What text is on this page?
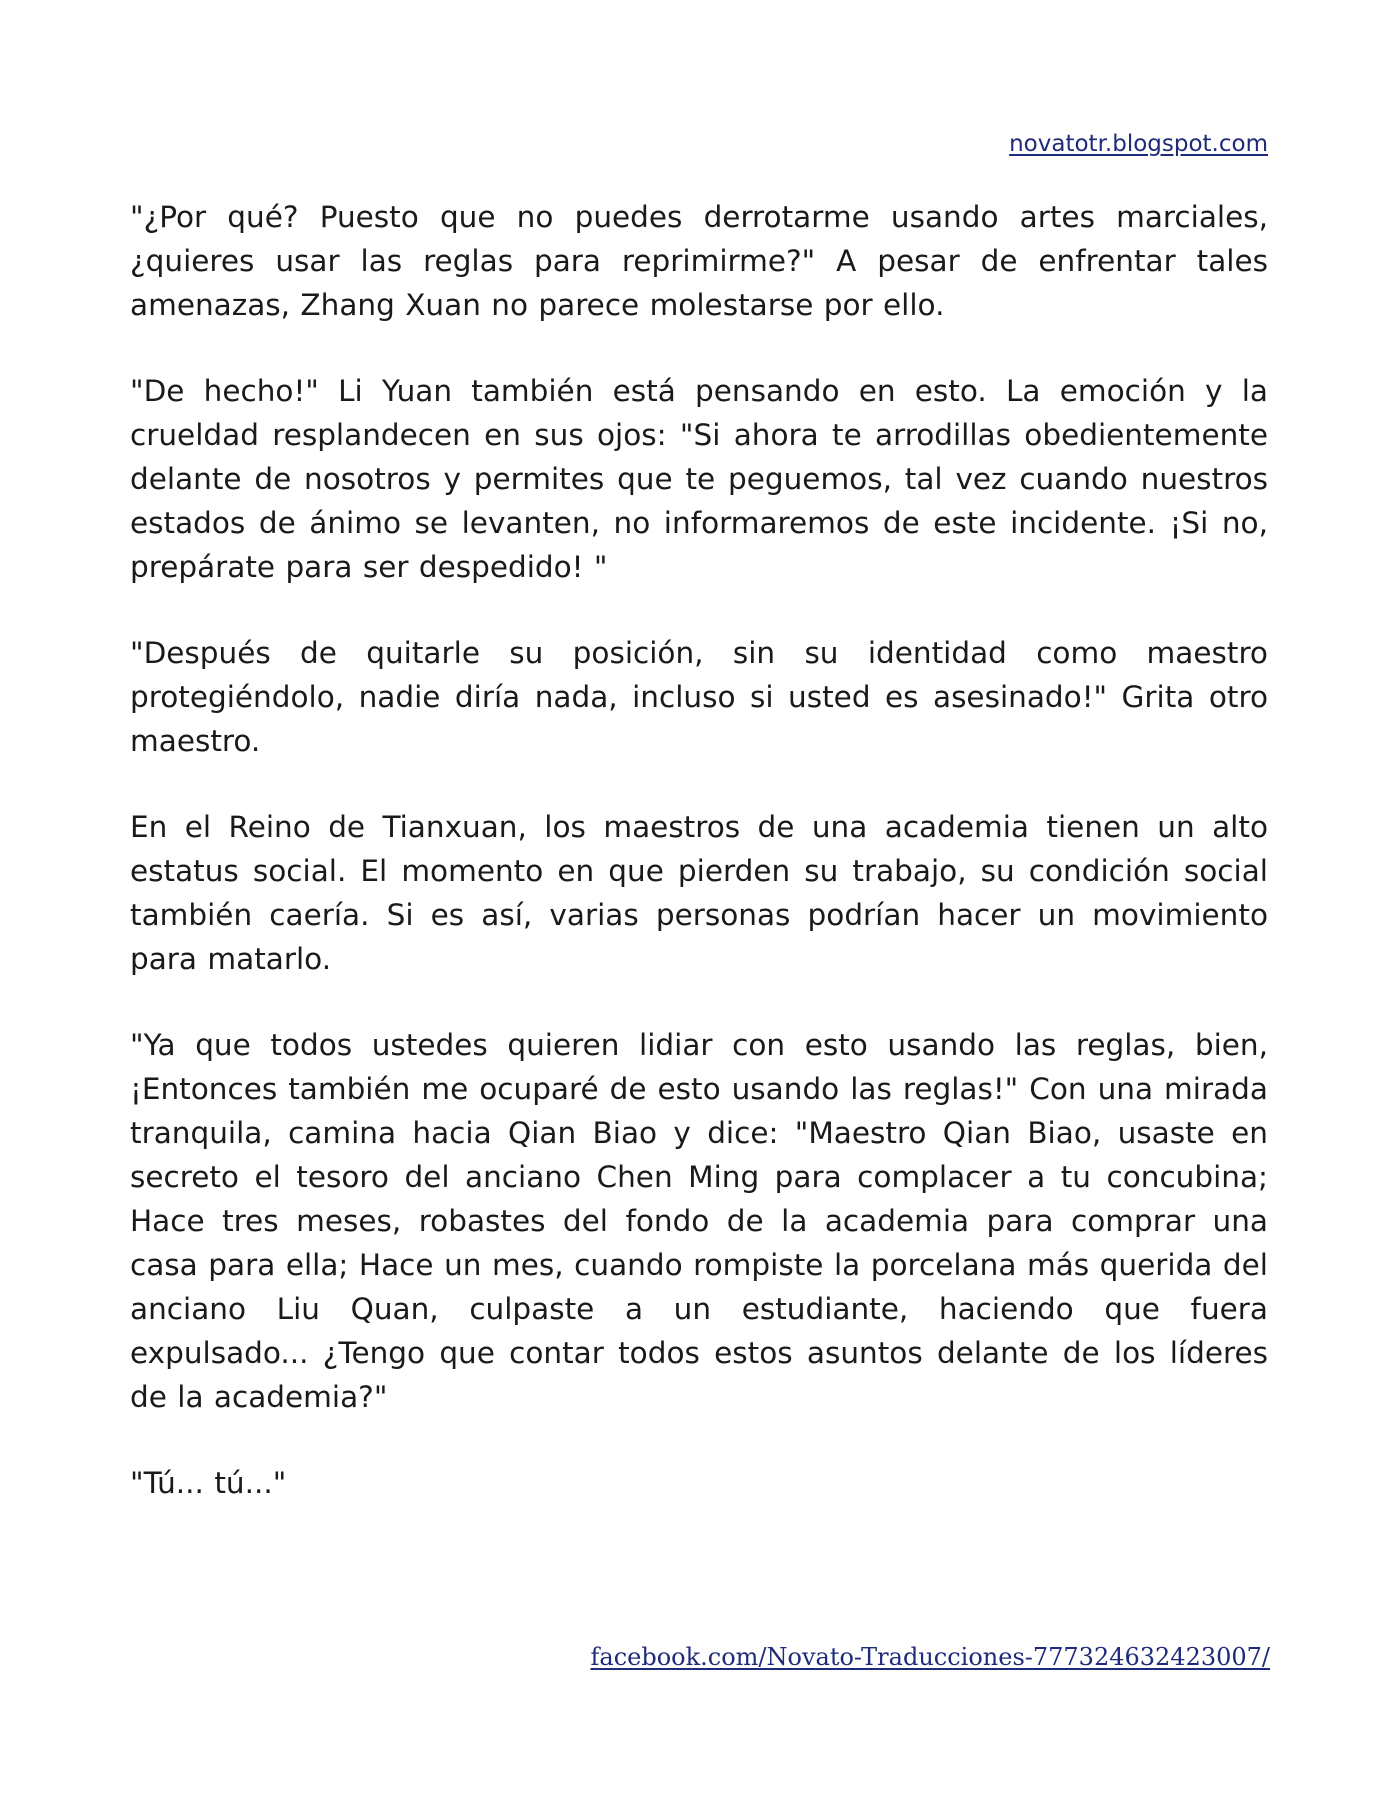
novatotr.blogspot.com

"¿Por qué? Puesto que no puedes derrotarme usando artes marciales, ¿quieres usar las reglas para reprimirme?" A pesar de enfrentar tales amenazas, Zhang Xuan no parece molestarse por ello.

"De hecho!" Li Yuan también está pensando en esto. La emoción y la crueldad resplandecen en sus ojos: "Si ahora te arrodillas obedientemente delante de nosotros y permites que te peguemos, tal vez cuando nuestros estados de ánimo se levanten, no informaremos de este incidente. ¡Si no, prepárate para ser despedido! "

"Después de quitarle su posición, sin su identidad como maestro protegiéndolo, nadie diría nada, incluso si usted es asesinado!" Grita otro maestro.

En el Reino de Tianxuan, los maestros de una academia tienen un alto estatus social. El momento en que pierden su trabajo, su condición social también caería. Si es así, varias personas podrían hacer un movimiento para matarlo.

"Ya que todos ustedes quieren lidiar con esto usando las reglas, bien, ¡Entonces también me ocuparé de esto usando las reglas!" Con una mirada tranquila, camina hacia Qian Biao y dice: "Maestro Qian Biao, usaste en secreto el tesoro del anciano Chen Ming para complacer a tu concubina; Hace tres meses, robastes del fondo de la academia para comprar una casa para ella; Hace un mes, cuando rompiste la porcelana más querida del anciano Liu Quan, culpaste a un estudiante, haciendo que fuera expulsado... ¿Tengo que contar todos estos asuntos delante de los líderes de la academia?"

"Tú... tú..."

facebook.com/Novato-Traducciones-777324632423007/
